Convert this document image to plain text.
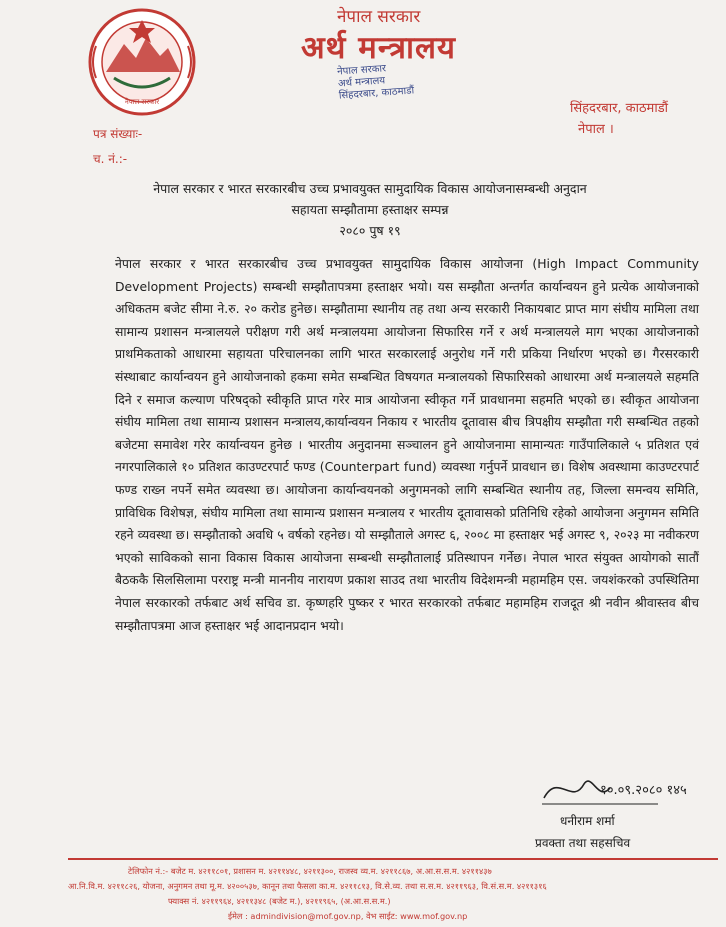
नेपाल सरकार
नेपाल सरकार
अर्थ मन्त्रालय
नेपाल सरकार
अर्थ मन्त्रालय
सिंहदरबार, काठमाडौं
सिंहदरबार, काठमाडौं
नेपाल ।
पत्र संख्याः-
च. नं.:-
नेपाल सरकार र भारत सरकारबीच उच्च प्रभावयुक्त सामुदायिक विकास आयोजनासम्बन्धी अनुदान
सहायता सम्झौतामा हस्ताक्षर सम्पन्न
२०८० पुष १९
नेपाल सरकार र भारत सरकारबीच उच्च प्रभावयुक्त सामुदायिक विकास आयोजना (High Impact Community Development Projects) सम्बन्धी सम्झौतापत्रमा हस्ताक्षर भयो। यस सम्झौता अन्तर्गत कार्यान्वयन हुने प्रत्येक आयोजनाको अधिकतम बजेट सीमा ने.रु. २० करोड हुनेछ। सम्झौतामा स्थानीय तह तथा अन्य सरकारी निकायबाट प्राप्त माग संघीय मामिला तथा सामान्य प्रशासन मन्त्रालयले परीक्षण गरी अर्थ मन्त्रालयमा आयोजना सिफारिस गर्ने र अर्थ मन्त्रालयले माग भएका आयोजनाको प्राथमिकताको आधारमा सहायता परिचालनका लागि भारत सरकारलाई अनुरोध गर्ने गरी प्रकिया निर्धारण भएको छ। गैरसरकारी संस्थाबाट कार्यान्वयन हुने आयोजनाको हकमा समेत सम्बन्धित विषयगत मन्त्रालयको सिफारिसको आधारमा अर्थ मन्त्रालयले सहमति दिने र समाज कल्याण परिषद्को स्वीकृति प्राप्त गरेर मात्र आयोजना स्वीकृत गर्ने प्रावधानमा सहमति भएको छ। स्वीकृत आयोजना संघीय मामिला तथा सामान्य प्रशासन मन्त्रालय,कार्यान्वयन निकाय र भारतीय दूतावास बीच त्रिपक्षीय सम्झौता गरी सम्बन्धित तहको बजेटमा समावेश गरेर कार्यान्वयन हुनेछ । भारतीय अनुदानमा सञ्चालन हुने आयोजनामा सामान्यतः गाउँपालिकाले ५ प्रतिशत एवं नगरपालिकाले १० प्रतिशत काउण्टरपार्ट फण्ड (Counterpart fund) व्यवस्था गर्नुपर्ने प्रावधान छ। विशेष अवस्थामा काउण्टरपार्ट फण्ड राख्न नपर्ने समेत व्यवस्था छ। आयोजना कार्यान्वयनको अनुगमनको लागि सम्बन्धित स्थानीय तह, जिल्ला समन्वय समिति, प्राविधिक विशेषज्ञ, संघीय मामिला तथा सामान्य प्रशासन मन्त्रालय र भारतीय दूतावासको प्रतिनिधि रहेको आयोजना अनुगमन समिति रहने व्यवस्था छ। सम्झौताको अवधि ५ वर्षको रहनेछ। यो सम्झौताले अगस्ट ६, २००८ मा हस्ताक्षर भई अगस्ट ९, २०२३ मा नवीकरण भएको साविकको साना विकास विकास आयोजना सम्बन्धी सम्झौतालाई प्रतिस्थापन गर्नेछ। नेपाल भारत संयुक्त आयोगको सातौं बैठककै सिलसिलामा परराष्ट्र मन्त्री माननीय नारायण प्रकाश साउद तथा भारतीय विदेशमन्त्री महामहिम एस. जयशंकरको उपस्थितिमा नेपाल सरकारको तर्फबाट अर्थ सचिव डा. कृष्णहरि पुष्कर र भारत सरकारको तर्फबाट महामहिम राजदूत श्री नवीन श्रीवास्तव बीच सम्झौतापत्रमा आज हस्ताक्षर भई आदानप्रदान भयो।
१०.०९.२०८० १४५
धनीराम शर्मा
प्रवक्ता तथा सहसचिव
टेलिफोन नं.:- बजेट म. ४२११८०१, प्रशासन म. ४२११४४८, ४२११३००, राजस्व व्य.म. ४२११८६७, अ.आ.स.स.म. ४२११४३७
आ.नि.वि.म. ४२११८२६, योजना, अनुगमन तथा मू.म. ४२००५३७, कानून तथा फैसला का.म. ४२११८१३, वि.से.व्य. तथा स.स.म. ४२११९६३, वि.सं.स.म. ४२११३१६
फ्याक्स नं. ४२११९६४, ४२११३४८ (बजेट म.), ४२११९६५, (अ.आ.स.स.म.)
ईमेल : admindivision@mof.gov.np, वेभ साईट: www.mof.gov.np
